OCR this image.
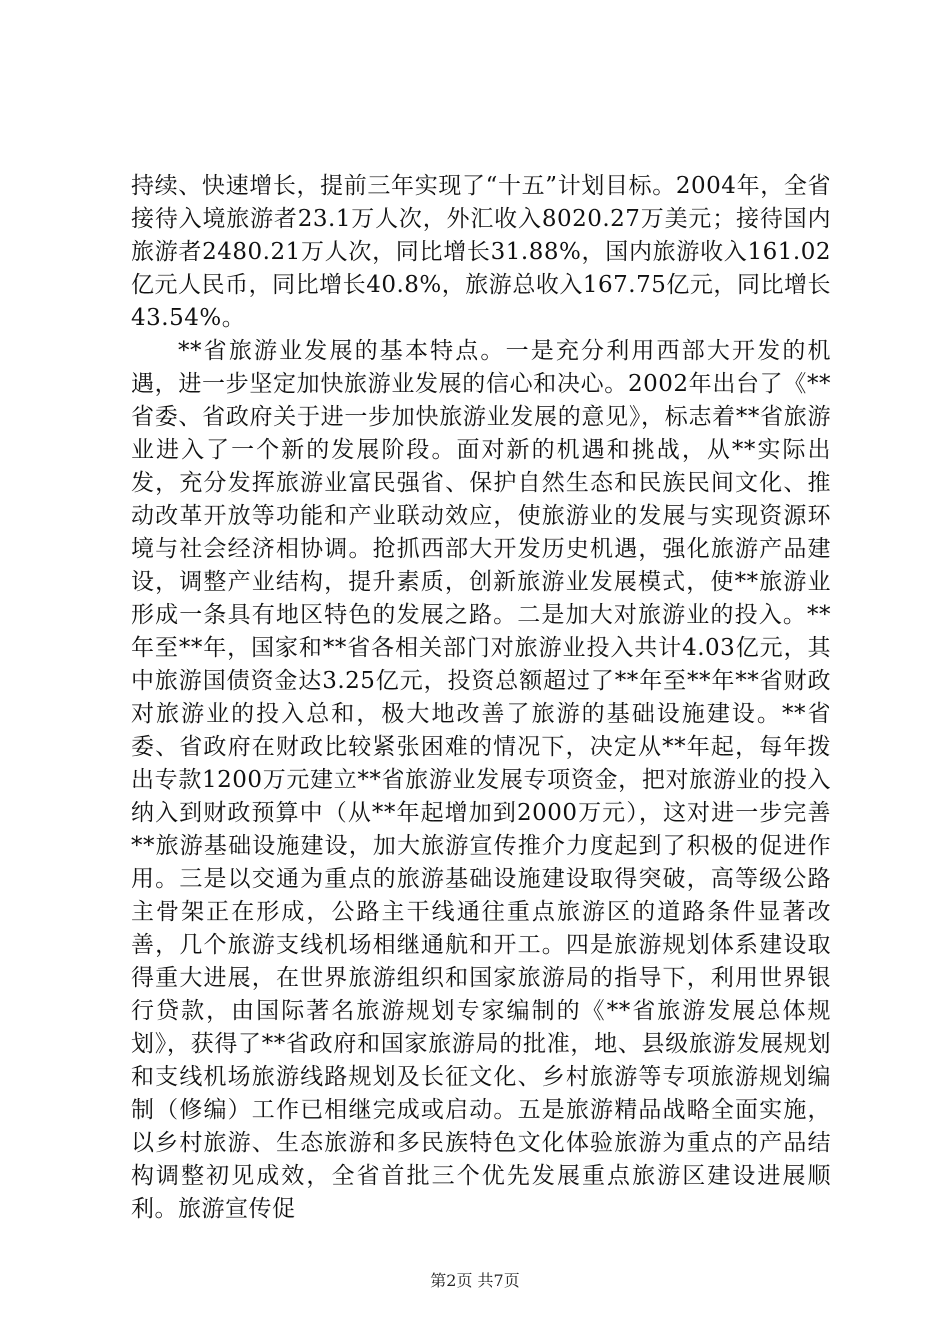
持续、快速增长，提前三年实现了“十五”计划目标。2004年，全省接待入境旅游者23.1万人次，外汇收入8020.27万美元；接待国内旅游者2480.21万人次，同比增长31.88%，国内旅游收入161.02亿元人民币，同比增长40.8%，旅游总收入167.75亿元，同比增长43.54%。

**省旅游业发展的基本特点。一是充分利用西部大开发的机遇，进一步坚定加快旅游业发展的信心和决心。2002年出台了《**省委、省政府关于进一步加快旅游业发展的意见》，标志着**省旅游业进入了一个新的发展阶段。面对新的机遇和挑战，从**实际出发，充分发挥旅游业富民强省、保护自然生态和民族民间文化、推动改革开放等功能和产业联动效应，使旅游业的发展与实现资源环境与社会经济相协调。抢抓西部大开发历史机遇，强化旅游产品建设，调整产业结构，提升素质，创新旅游业发展模式，使**旅游业形成一条具有地区特色的发展之路。二是加大对旅游业的投入。**年至**年，国家和**省各相关部门对旅游业投入共计4.03亿元，其中旅游国债资金达3.25亿元，投资总额超过了**年至**年**省财政对旅游业的投入总和，极大地改善了旅游的基础设施建设。**省委、省政府在财政比较紧张困难的情况下，决定从**年起，每年拨出专款1200万元建立**省旅游业发展专项资金，把对旅游业的投入纳入到财政预算中（从**年起增加到2000万元），这对进一步完善**旅游基础设施建设，加大旅游宣传推介力度起到了积极的促进作用。三是以交通为重点的旅游基础设施建设取得突破，高等级公路主骨架正在形成，公路主干线通往重点旅游区的道路条件显著改善，几个旅游支线机场相继通航和开工。四是旅游规划体系建设取得重大进展，在世界旅游组织和国家旅游局的指导下，利用世界银行贷款，由国际著名旅游规划专家编制的《**省旅游发展总体规划》，获得了**省政府和国家旅游局的批准，地、县级旅游发展规划和支线机场旅游线路规划及长征文化、乡村旅游等专项旅游规划编制（修编）工作已相继完成或启动。五是旅游精品战略全面实施，以乡村旅游、生态旅游和多民族特色文化体验旅游为重点的产品结构调整初见成效，全省首批三个优先发展重点旅游区建设进展顺利。旅游宣传促

第2页 共7页
